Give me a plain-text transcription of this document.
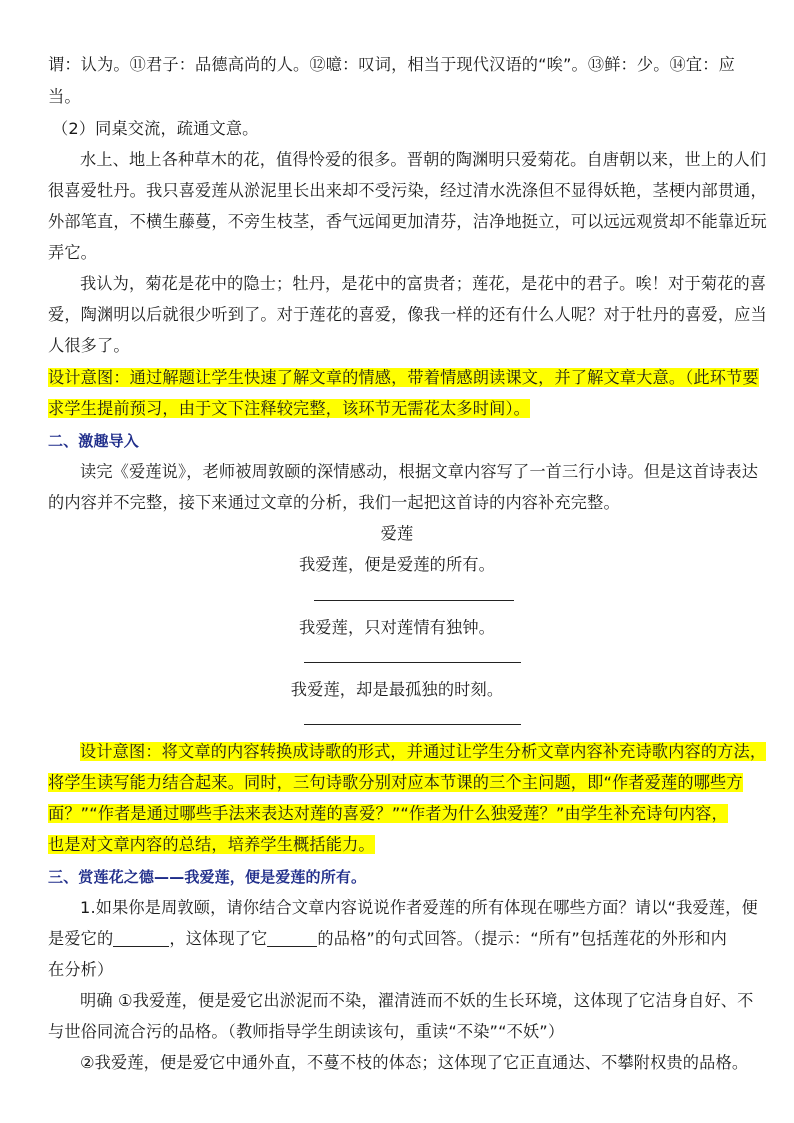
谓：认为。⑪君子：品德高尚的人。⑫噫：叹词，相当于现代汉语的“唉”。⑬鲜：少。⑭宜：应
当。
（2）同桌交流，疏通文意。
水上、地上各种草木的花，值得怜爱的很多。晋朝的陶渊明只爱菊花。自唐朝以来，世上的人们
很喜爱牡丹。我只喜爱莲从淤泥里长出来却不受污染，经过清水洗涤但不显得妖艳，茎梗内部贯通，
外部笔直，不横生藤蔓，不旁生枝茎，香气远闻更加清芬，洁净地挺立，可以远远观赏却不能靠近玩
弄它。
我认为，菊花是花中的隐士；牡丹，是花中的富贵者；莲花，是花中的君子。唉！对于菊花的喜
爱，陶渊明以后就很少听到了。对于莲花的喜爱，像我一样的还有什么人呢？对于牡丹的喜爱，应当
人很多了。
设计意图：通过解题让学生快速了解文章的情感，带着情感朗读课文，并了解文章大意。（此环节要
求学生提前预习，由于文下注释较完整，该环节无需花太多时间）。
二、激趣导入
读完《爱莲说》，老师被周敦颐的深情感动，根据文章内容写了一首三行小诗。但是这首诗表达
的内容并不完整，接下来通过文章的分析，我们一起把这首诗的内容补充完整。
爱莲
我爱莲，便是爱莲的所有。
我爱莲，只对莲情有独钟。
我爱莲，却是最孤独的时刻。
设计意图：将文章的内容转换成诗歌的形式，并通过让学生分析文章内容补充诗歌内容的方法，
将学生读写能力结合起来。同时，三句诗歌分别对应本节课的三个主问题，即“作者爱莲的哪些方
面？”“作者是通过哪些手法来表达对莲的喜爱？”“作者为什么独爱莲？”由学生补充诗句内容，
也是对文章内容的总结，培养学生概括能力。
三、赏莲花之德——我爱莲，便是爱莲的所有。
1.如果你是周敦颐，请你结合文章内容说说作者爱莲的所有体现在哪些方面？请以“我爱莲，便
是爱它的	，这体现了它	的品格”的句式回答。（提示：“所有”包括莲花的外形和内
在分析）
明确 ①我爱莲，便是爱它出淤泥而不染，濯清涟而不妖的生长环境，这体现了它洁身自好、不
与世俗同流合污的品格。（教师指导学生朗读该句，重读“不染”“不妖”）
②我爱莲，便是爱它中通外直，不蔓不枝的体态；这体现了它正直通达、不攀附权贵的品格。
